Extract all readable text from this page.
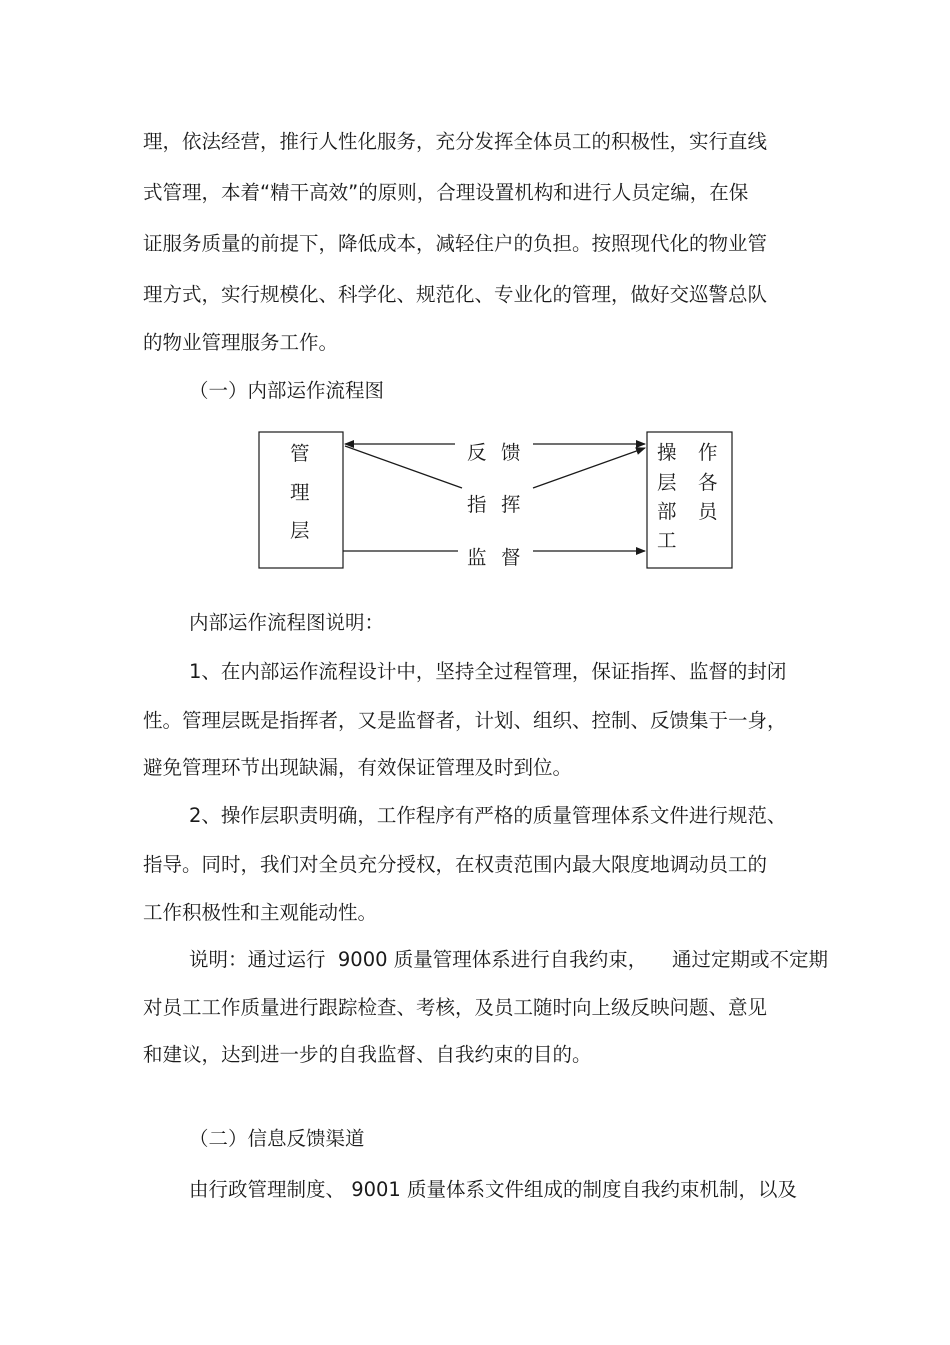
理，依法经营，推行人性化服务，充分发挥全体员工的积极性，实行直线
式管理，本着“精干高效”的原则，合理设置机构和进行人员定编，在保
证服务质量的前提下，降低成本，减轻住户的负担。按照现代化的物业管
理方式，实行规模化、科学化、规范化、专业化的管理，做好交巡警总队
的物业管理服务工作。
（一）内部运作流程图
管
理
层
操
层
部
工
作
各
员
反 馈
指 挥
监 督
内部运作流程图说明：
1、在内部运作流程设计中，坚持全过程管理，保证指挥、监督的封闭
性。管理层既是指挥者，又是监督者，计划、组织、控制、反馈集于一身，
避免管理环节出现缺漏，有效保证管理及时到位。
2、操作层职责明确，工作程序有严格的质量管理体系文件进行规范、
指导。同时，我们对全员充分授权，在权责范围内最大限度地调动员工的
工作积极性和主观能动性。
说明：通过运行  9000 质量管理体系进行自我约束，    通过定期或不定期
对员工工作质量进行跟踪检查、考核，及员工随时向上级反映问题、意见
和建议，达到进一步的自我监督、自我约束的目的。
（二）信息反馈渠道
由行政管理制度、 9001 质量体系文件组成的制度自我约束机制，以及
